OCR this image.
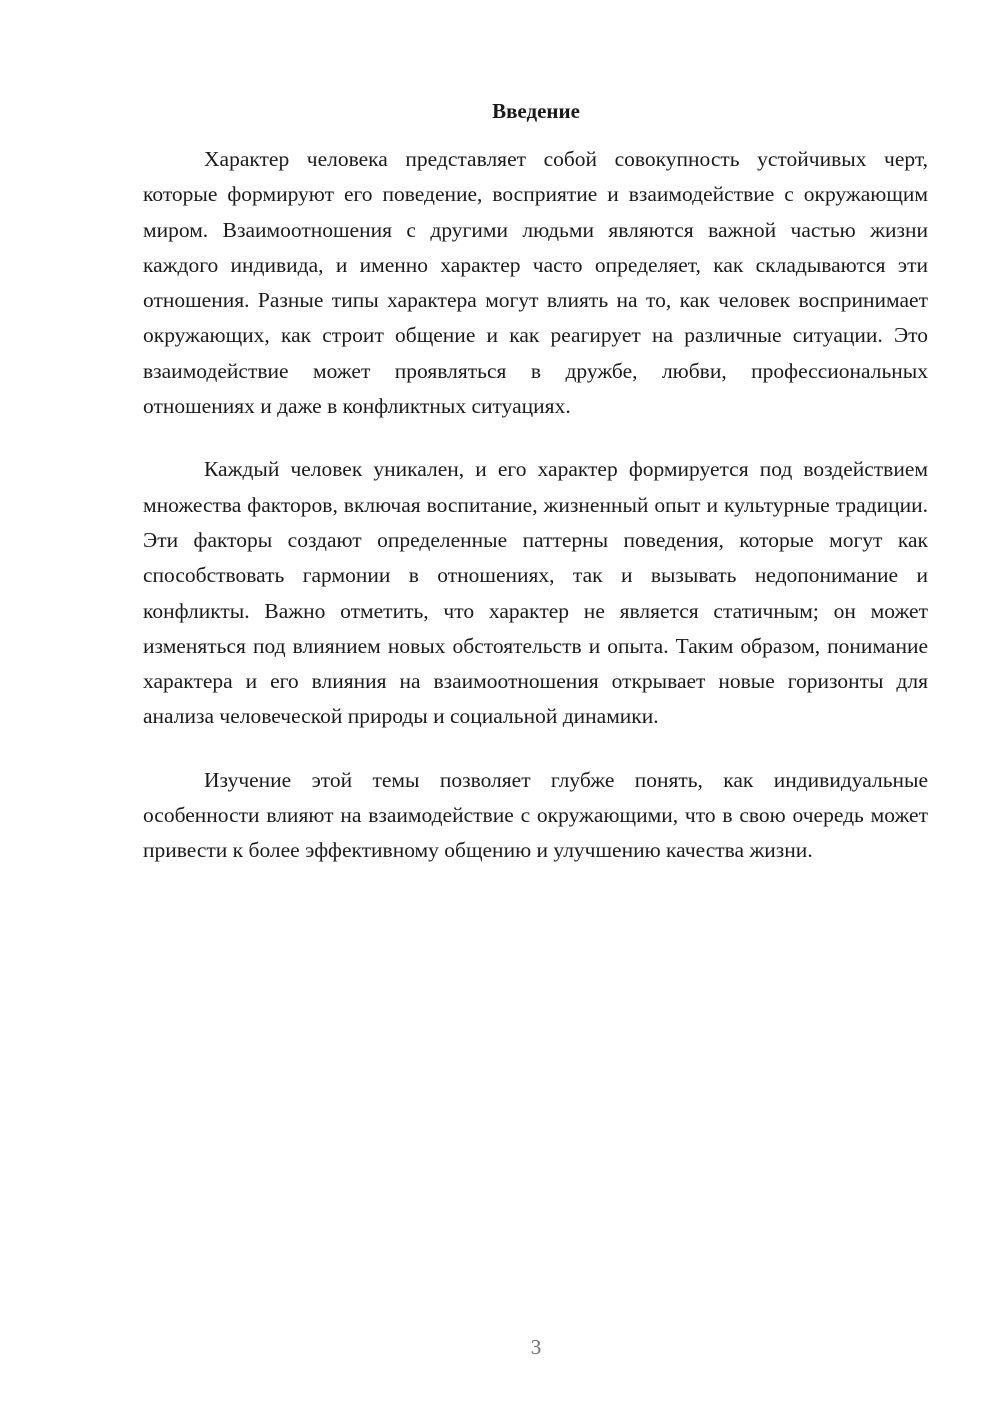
Введение

Характер человека представляет собой совокупность устойчивых черт, которые формируют его поведение, восприятие и взаимодействие с окружающим миром. Взаимоотношения с другими людьми являются важной частью жизни каждого индивида, и именно характер часто определяет, как складываются эти отношения. Разные типы характера могут влиять на то, как человек воспринимает окружающих, как строит общение и как реагирует на различные ситуации. Это взаимодействие может проявляться в дружбе, любви, профессиональных отношениях и даже в конфликтных ситуациях.

Каждый человек уникален, и его характер формируется под воздействием множества факторов, включая воспитание, жизненный опыт и культурные традиции. Эти факторы создают определенные паттерны поведения, которые могут как способствовать гармонии в отношениях, так и вызывать недопонимание и конфликты. Важно отметить, что характер не является статичным; он может изменяться под влиянием новых обстоятельств и опыта. Таким образом, понимание характера и его влияния на взаимоотношения открывает новые горизонты для анализа человеческой природы и социальной динамики.

Изучение этой темы позволяет глубже понять, как индивидуальные особенности влияют на взаимодействие с окружающими, что в свою очередь может привести к более эффективному общению и улучшению качества жизни.

3
